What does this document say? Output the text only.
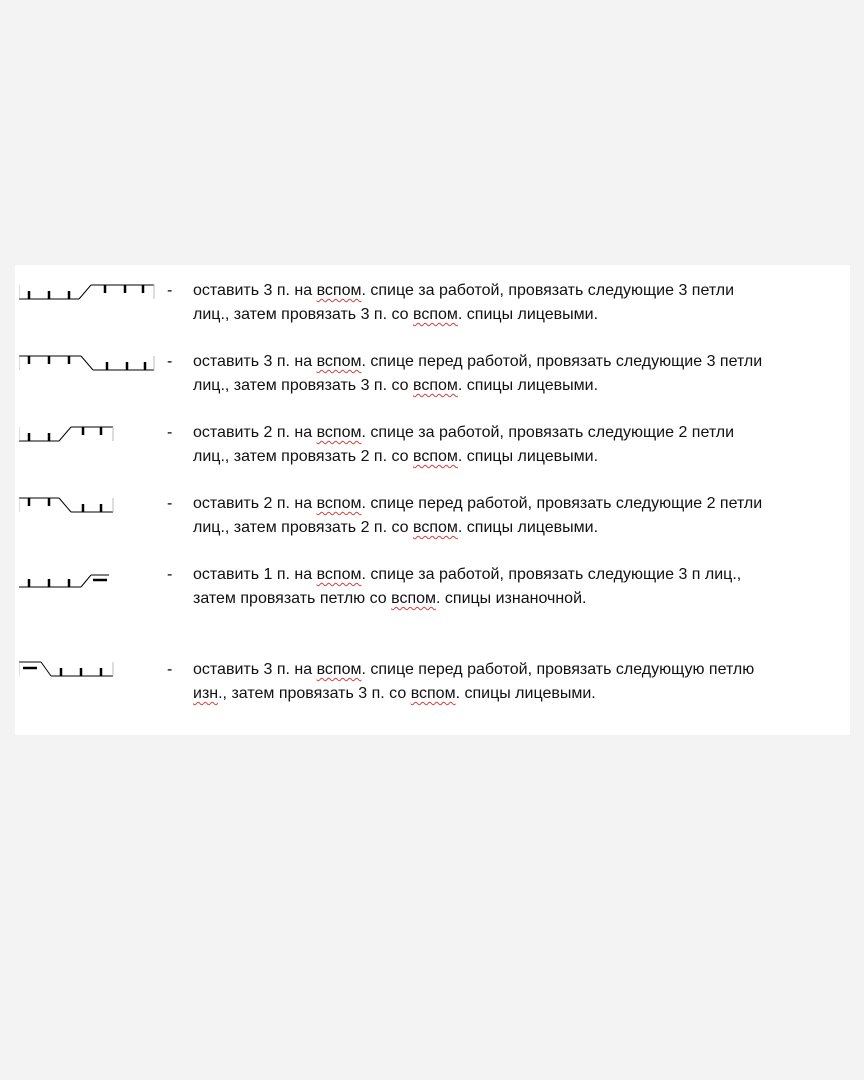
- оставить 3 п. на вспом. спице за работой, провязать следующие 3 петли
лиц., затем провязать 3 п. со вспом. спицы лицевыми.
- оставить 3 п. на вспом. спице перед работой, провязать следующие 3 петли
лиц., затем провязать 3 п. со вспом. спицы лицевыми.
- оставить 2 п. на вспом. спице за работой, провязать следующие 2 петли
лиц., затем провязать 2 п. со вспом. спицы лицевыми.
- оставить 2 п. на вспом. спице перед работой, провязать следующие 2 петли
лиц., затем провязать 2 п. со вспом. спицы лицевыми.
- оставить 1 п. на вспом. спице за работой, провязать следующие 3 п лиц.,
затем провязать петлю со вспом. спицы изнаночной.
- оставить 3 п. на вспом. спице перед работой, провязать следующую петлю
изн., затем провязать 3 п. со вспом. спицы лицевыми.
